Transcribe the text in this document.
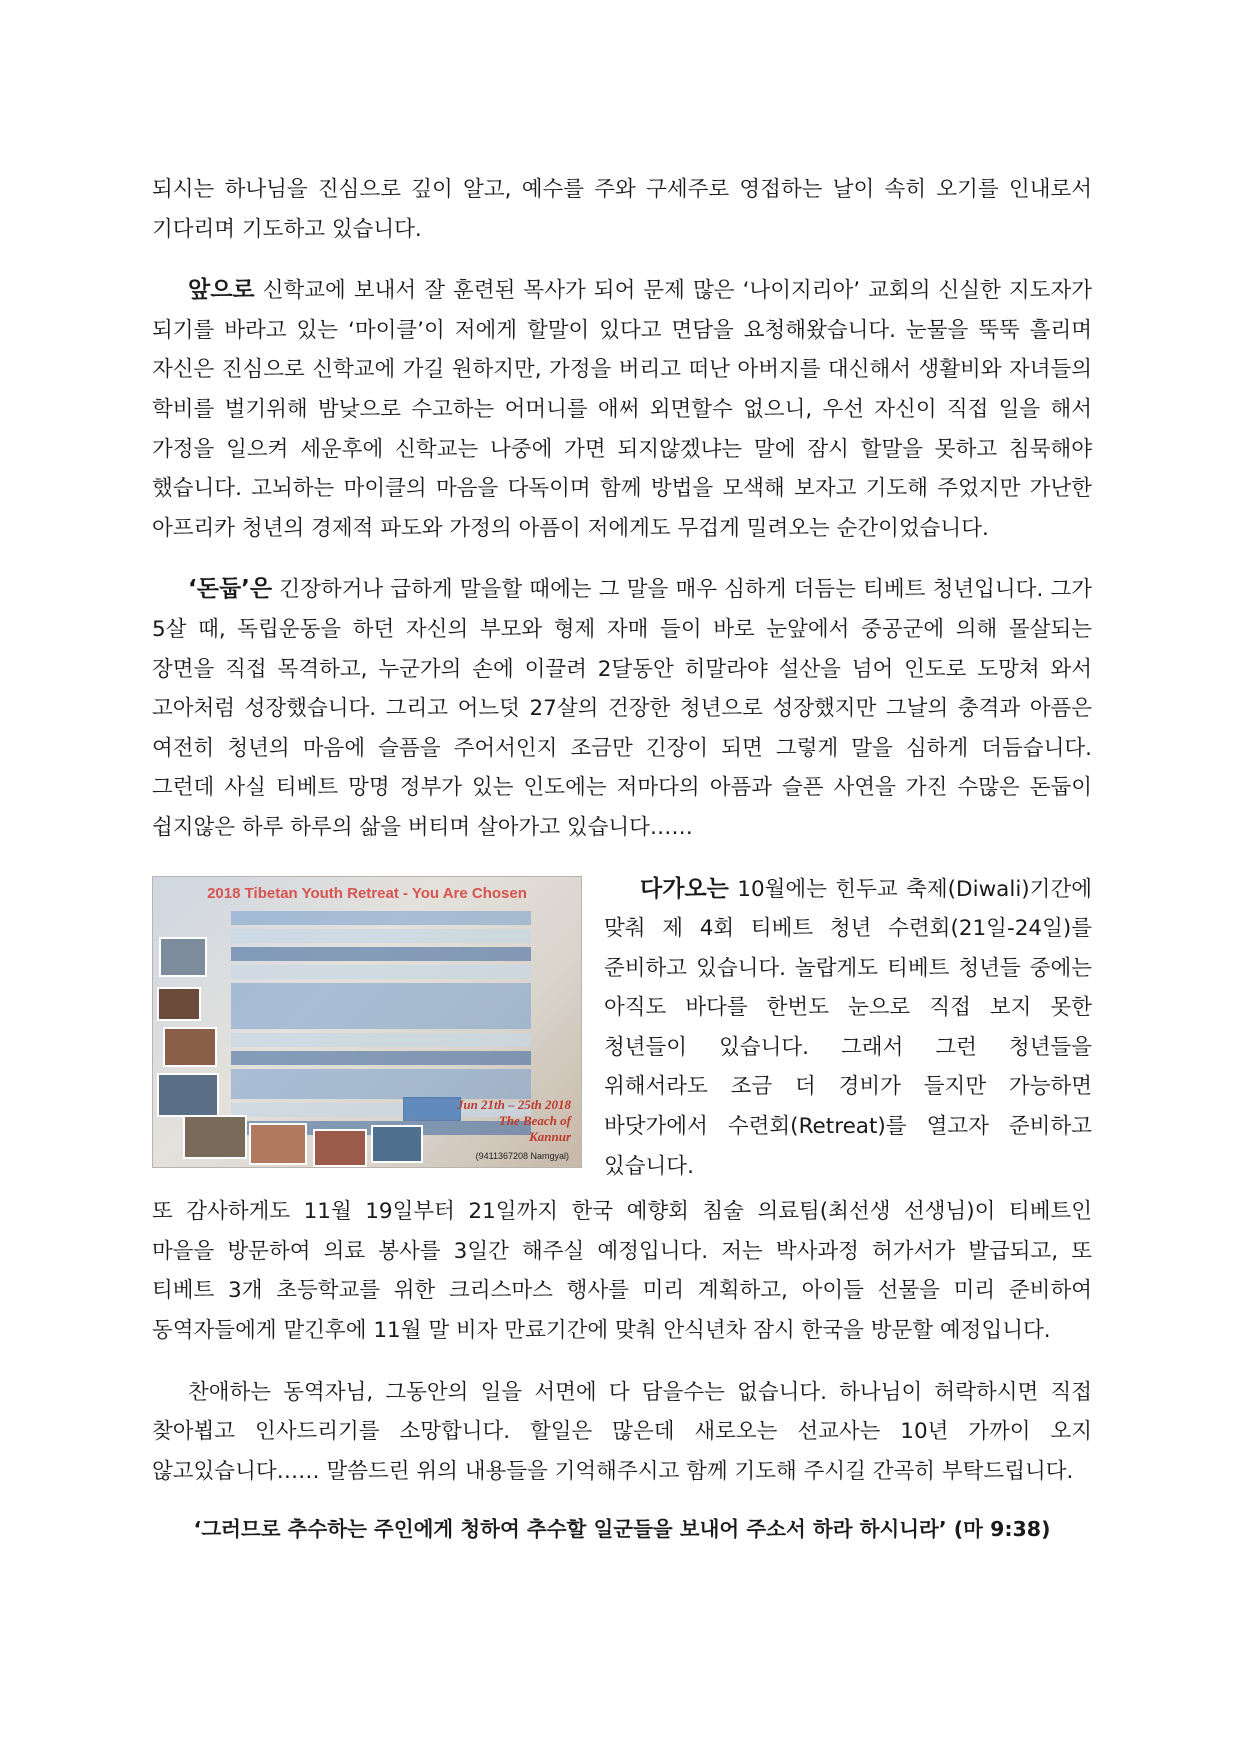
되시는 하나님을 진심으로 깊이 알고, 예수를 주와 구세주로 영접하는 날이 속히 오기를 인내로서 기다리며 기도하고 있습니다.

앞으로 신학교에 보내서 잘 훈련된 목사가 되어 문제 많은 ‘나이지리아’ 교회의 신실한 지도자가 되기를 바라고 있는 ‘마이클’이 저에게 할말이 있다고 면담을 요청해왔습니다. 눈물을 뚝뚝 흘리며 자신은 진심으로 신학교에 가길 원하지만, 가정을 버리고 떠난 아버지를 대신해서 생활비와 자녀들의 학비를 벌기위해 밤낮으로 수고하는 어머니를 애써 외면할수 없으니, 우선 자신이 직접 일을 해서 가정을 일으켜 세운후에 신학교는 나중에 가면 되지않겠냐는 말에 잠시 할말을 못하고 침묵해야 했습니다. 고뇌하는 마이클의 마음을 다독이며 함께 방법을 모색해 보자고 기도해 주었지만 가난한 아프리카 청년의 경제적 파도와 가정의 아픔이 저에게도 무겁게 밀려오는 순간이었습니다.

‘돈둡’은 긴장하거나 급하게 말을할 때에는 그 말을 매우 심하게 더듬는 티베트 청년입니다. 그가 5살 때, 독립운동을 하던 자신의 부모와 형제 자매 들이 바로 눈앞에서 중공군에 의해 몰살되는 장면을 직접 목격하고, 누군가의 손에 이끌려 2달동안 히말라야 설산을 넘어 인도로 도망쳐 와서 고아처럼 성장했습니다. 그리고 어느덧 27살의 건장한 청년으로 성장했지만 그날의 충격과 아픔은 여전히 청년의 마음에 슬픔을 주어서인지 조금만 긴장이 되면 그렇게 말을 심하게 더듬습니다. 그런데 사실 티베트 망명 정부가 있는 인도에는 저마다의 아픔과 슬픈 사연을 가진 수많은 돈둡이 쉽지않은 하루 하루의 삶을 버티며 살아가고 있습니다……

2018 Tibetan Youth Retreat - You Are Chosen
Jun 21th – 25th 2018
The Beach of
Kannur
(9411367208 Namgyal)

다가오는 10월에는 힌두교 축제(Diwali)기간에 맞춰 제 4회 티베트 청년 수련회(21일-24일)를 준비하고 있습니다. 놀랍게도 티베트 청년들 중에는 아직도 바다를 한번도 눈으로 직접 보지 못한 청년들이 있습니다. 그래서 그런 청년들을 위해서라도 조금 더 경비가 들지만 가능하면 바닷가에서 수련회(Retreat)를 열고자 준비하고 있습니다.

또 감사하게도 11월 19일부터 21일까지 한국 예향회 침술 의료팀(최선생 선생님)이 티베트인 마을을 방문하여 의료 봉사를 3일간 해주실 예정입니다. 저는 박사과정 허가서가 발급되고, 또 티베트 3개 초등학교를 위한 크리스마스 행사를 미리 계획하고, 아이들 선물을 미리 준비하여 동역자들에게 맡긴후에 11월 말 비자 만료기간에 맞춰 안식년차 잠시 한국을 방문할 예정입니다.

찬애하는 동역자님, 그동안의 일을 서면에 다 담을수는 없습니다. 하나님이 허락하시면 직접 찾아뵙고 인사드리기를 소망합니다. 할일은 많은데 새로오는 선교사는 10년 가까이 오지 않고있습니다…… 말씀드린 위의 내용들을 기억해주시고 함께 기도해 주시길 간곡히 부탁드립니다.

‘그러므로 추수하는 주인에게 청하여 추수할 일군들을 보내어 주소서 하라 하시니라’ (마 9:38)
